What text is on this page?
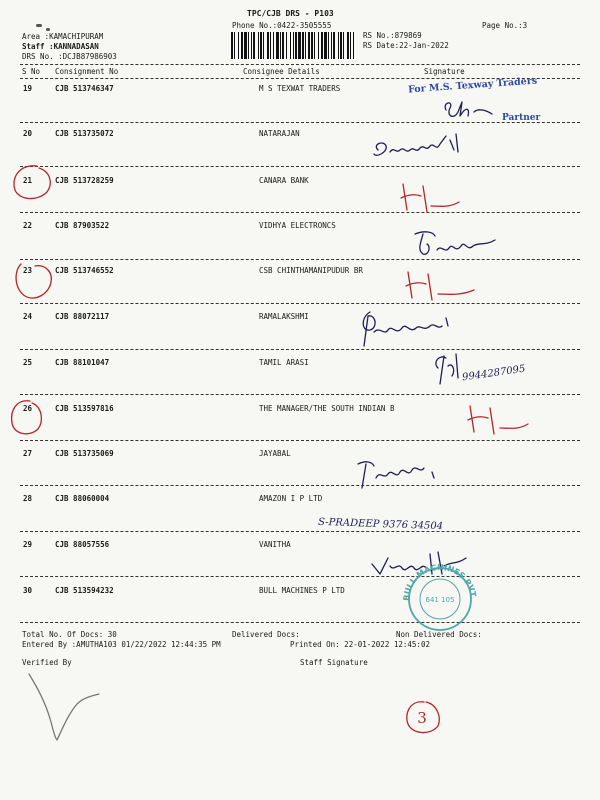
TPC/CJB DRS - P103
Phone No.:0422-3505555	Page No.:3
Area :KAMACHIPURAM
Staff :KANNADASAN
DRS No. :DCJB87986903
RS No.:879869
RS Date:22-Jan-2022
S No Consignment No	Consignee Details	Signature
19	CJB 513746347	M S TEXWAT TRADERS
20	CJB 513735072	NATARAJAN
21	CJB 513728259	CANARA BANK
22	CJB 87903522	VIDHYA ELECTRONCS
23	CJB 513746552	CSB CHINTHAMANIPUDUR BR
24	CJB 88072117	RAMALAKSHMI
25	CJB 88101047	TAMIL ARASI
26	CJB 513597816	THE MANAGER/THE SOUTH INDIAN B
27	CJB 513735069	JAYABAL
28	CJB 88060004	AMAZON I P LTD
29	CJB 88057556	VANITHA
30	CJB 513594232	BULL MACHINES P LTD
Total No. Of Docs: 30	Delivered Docs:	Non Delivered Docs:
Entered By :AMUTHA103 01/22/2022 12:44:35 PM	Printed On: 22-01-2022 12:45:02
Verified By	Staff Signature
For M.S. Texway Traders
Partner
9944287095
S-PRADEEP 9376 34504
BULL MACHINES PVT
641 105
3
